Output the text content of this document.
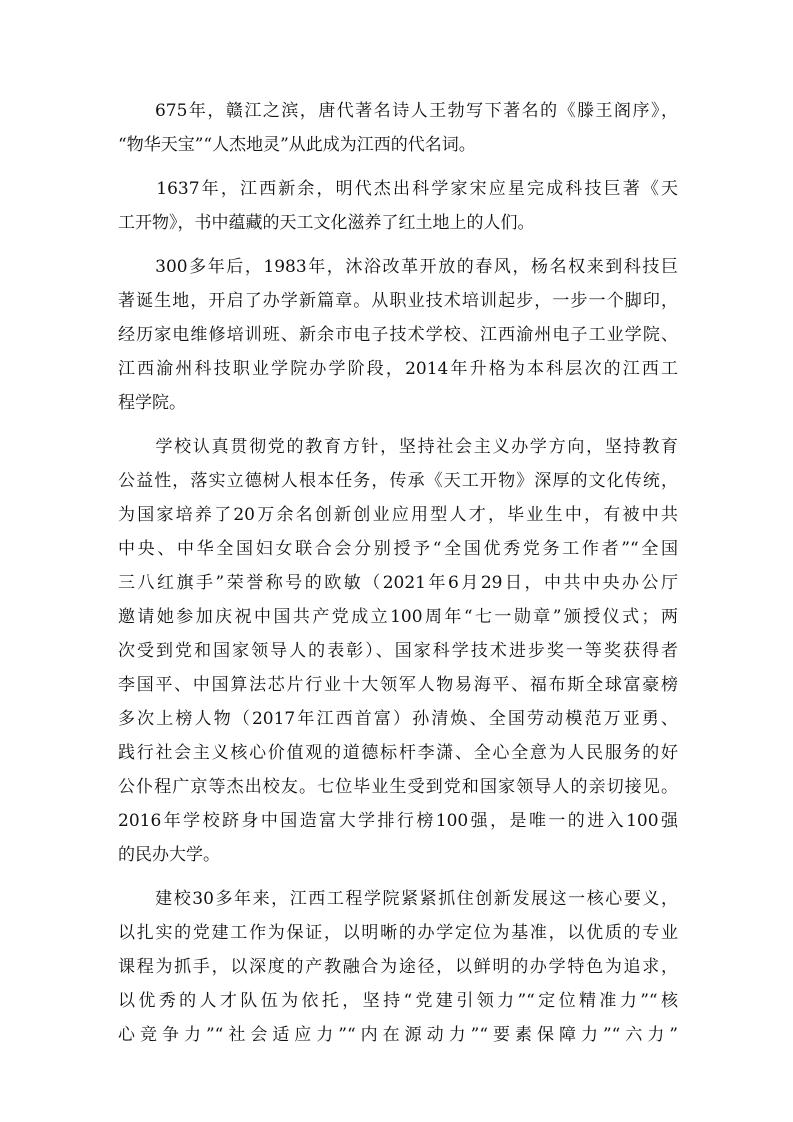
　　675年，赣江之滨，唐代著名诗人王勃写下著名的《滕王阁序》，
“物华天宝”“人杰地灵”从此成为江西的代名词。
　　1637年，江西新余，明代杰出科学家宋应星完成科技巨著《天
工开物》，书中蕴藏的天工文化滋养了红土地上的人们。
　　300多年后，1983年，沐浴改革开放的春风，杨名权来到科技巨
著诞生地，开启了办学新篇章。从职业技术培训起步，一步一个脚印，
经历家电维修培训班、新余市电子技术学校、江西渝州电子工业学院、
江西渝州科技职业学院办学阶段，2014年升格为本科层次的江西工
程学院。
　　学校认真贯彻党的教育方针，坚持社会主义办学方向，坚持教育
公益性，落实立德树人根本任务，传承《天工开物》深厚的文化传统，
为国家培养了20万余名创新创业应用型人才，毕业生中，有被中共
中央、中华全国妇女联合会分别授予“全国优秀党务工作者”“全国
三八红旗手”荣誉称号的欧敏（2021年6月29日，中共中央办公厅
邀请她参加庆祝中国共产党成立100周年“七一勋章”颁授仪式；两
次受到党和国家领导人的表彰）、国家科学技术进步奖一等奖获得者
李国平、中国算法芯片行业十大领军人物易海平、福布斯全球富豪榜
多次上榜人物（2017年江西首富）孙清焕、全国劳动模范万亚勇、
践行社会主义核心价值观的道德标杆李潇、全心全意为人民服务的好
公仆程广京等杰出校友。七位毕业生受到党和国家领导人的亲切接见。
2016年学校跻身中国造富大学排行榜100强，是唯一的进入100强
的民办大学。
　　建校30多年来，江西工程学院紧紧抓住创新发展这一核心要义，
以扎实的党建工作为保证，以明晰的办学定位为基准，以优质的专业
课程为抓手，以深度的产教融合为途径，以鲜明的办学特色为追求，
以优秀的人才队伍为依托，坚持“党建引领力”“定位精准力”“核
心竞争力”“社会适应力”“内在源动力”“要素保障力”“六力”
